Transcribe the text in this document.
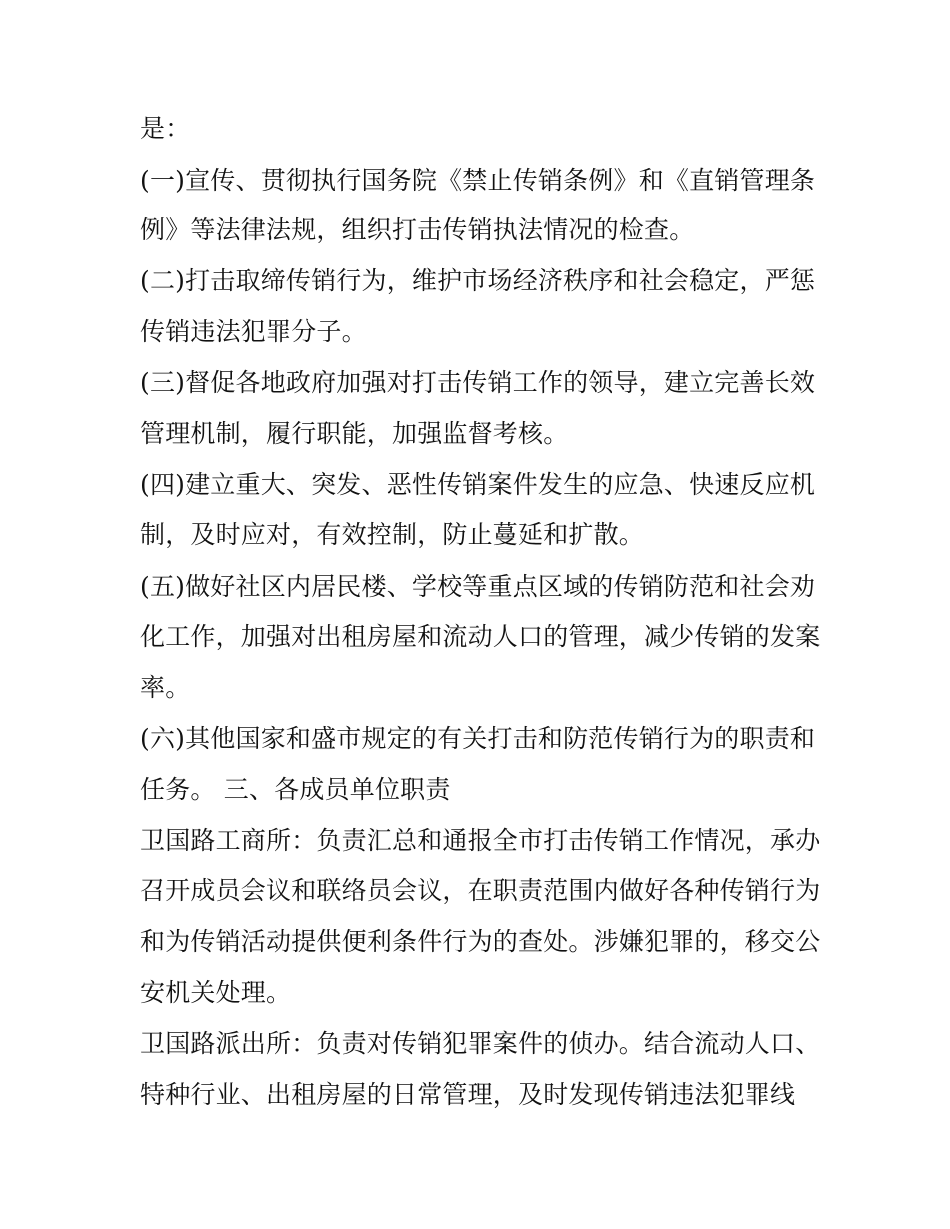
是：
(一)宣传、贯彻执行国务院《禁止传销条例》和《直销管理条
例》等法律法规，组织打击传销执法情况的检查。
(二)打击取缔传销行为，维护市场经济秩序和社会稳定，严惩
传销违法犯罪分子。
(三)督促各地政府加强对打击传销工作的领导，建立完善长效
管理机制，履行职能，加强监督考核。
(四)建立重大、突发、恶性传销案件发生的应急、快速反应机
制，及时应对，有效控制，防止蔓延和扩散。
(五)做好社区内居民楼、学校等重点区域的传销防范和社会劝
化工作，加强对出租房屋和流动人口的管理，减少传销的发案
率。
(六)其他国家和盛市规定的有关打击和防范传销行为的职责和
任务。 三、各成员单位职责
卫国路工商所：负责汇总和通报全市打击传销工作情况，承办
召开成员会议和联络员会议，在职责范围内做好各种传销行为
和为传销活动提供便利条件行为的查处。涉嫌犯罪的，移交公
安机关处理。
卫国路派出所：负责对传销犯罪案件的侦办。结合流动人口、
特种行业、出租房屋的日常管理，及时发现传销违法犯罪线
